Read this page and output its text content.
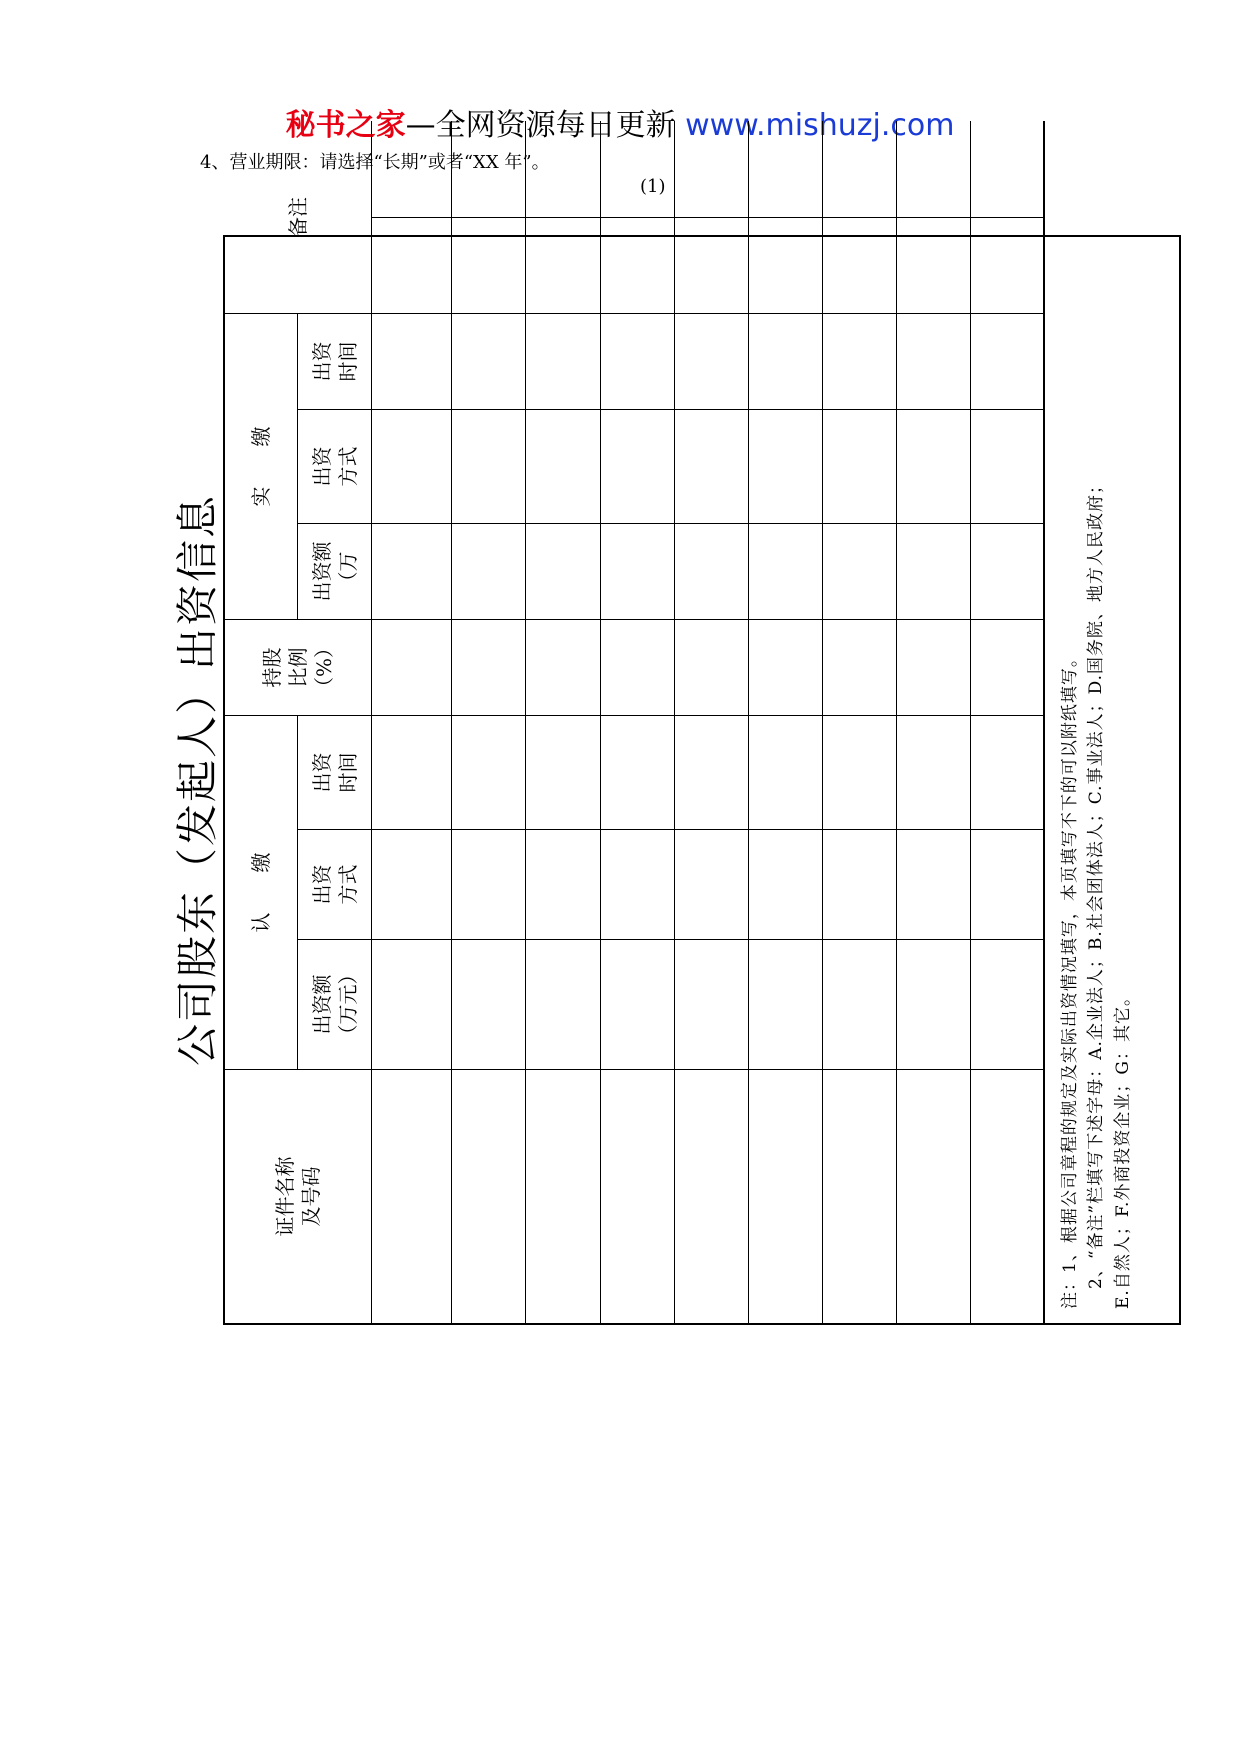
秘书之家—全网资源每日更新 www.mishuzj.com
4、营业期限：请选择“长期”或者“XX 年”。
(1)
公司股东（发起人）出资信息
证件名称 及号码
认　　缴
出资额 （万元）
出资 方式
出资 时间
持股 比例 （%）
实　　缴
出资额 （万
出资 方式
出资 时间
备注

注：1、根据公司章程的规定及实际出资情况填写，本页填写不下的可以附纸填写。 2、“备注”栏填写下述字母：A.企业法人；B.社会团体法人；C.事业法人；D.国务院、地方人民政府； E.自然人；F.外商投资企业；G：其它。
